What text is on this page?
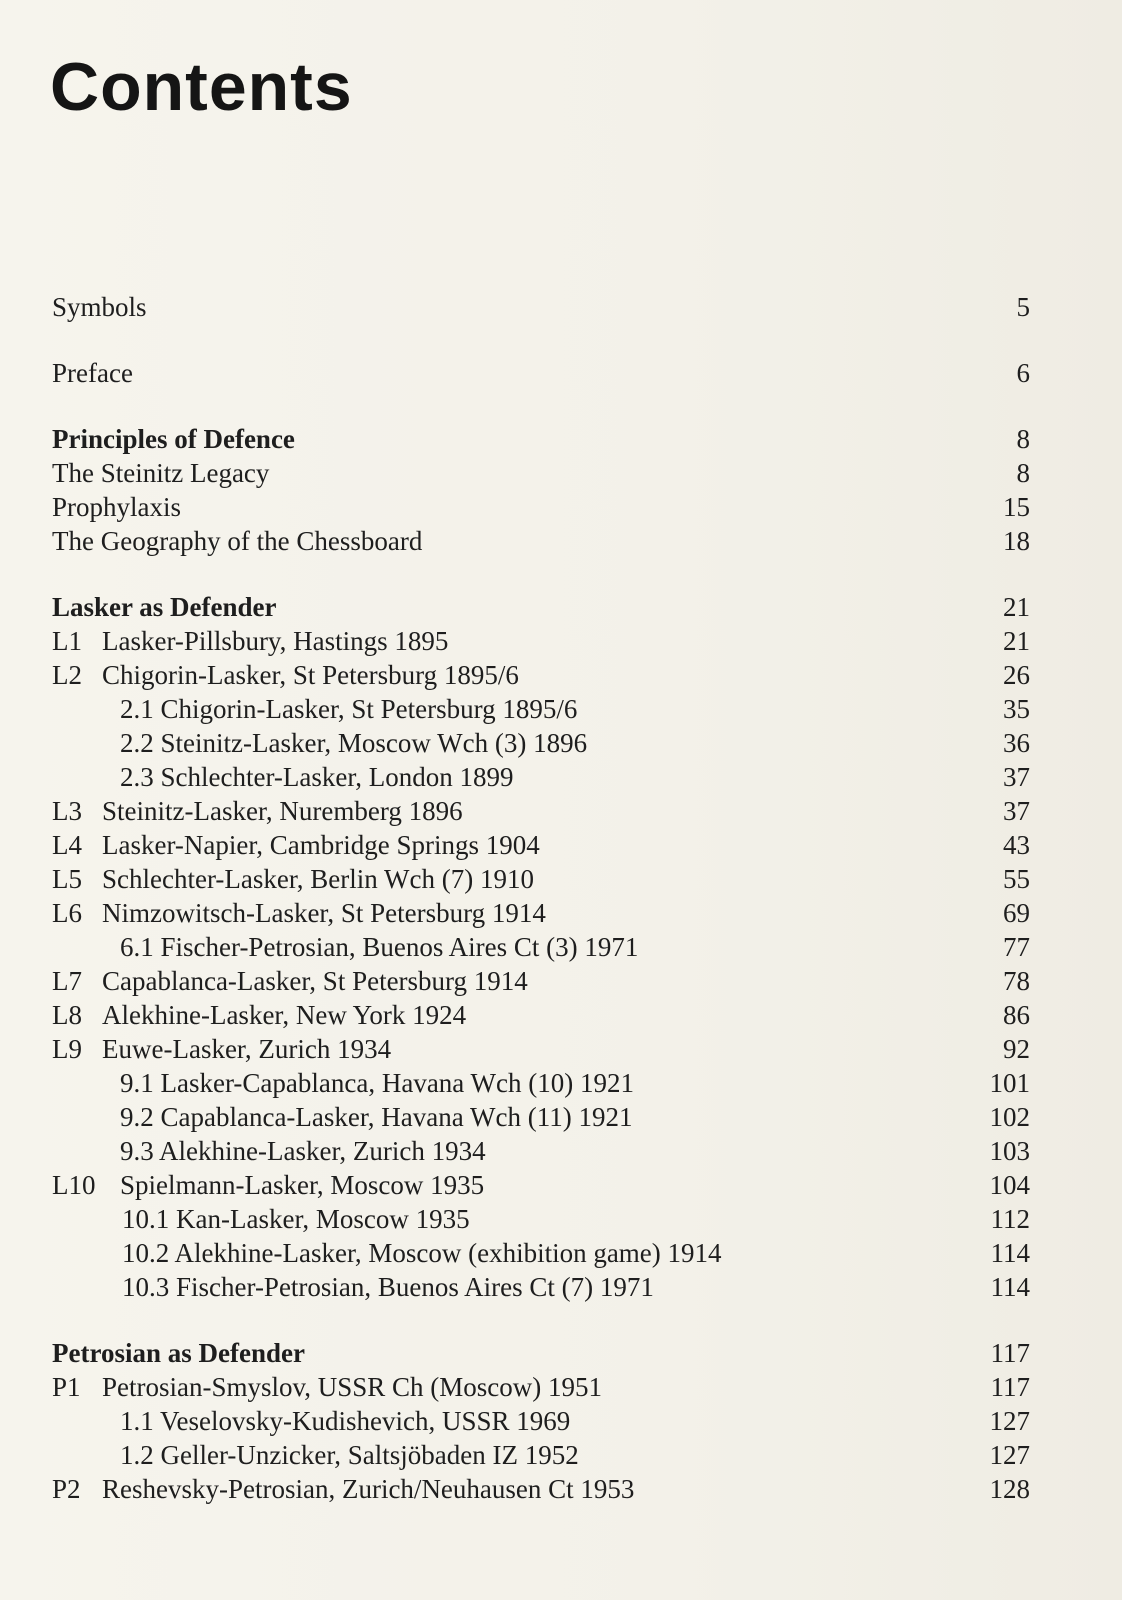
Contents
Symbols	5
Preface	6
Principles of Defence	8
The Steinitz Legacy	8
Prophylaxis	15
The Geography of the Chessboard	18
Lasker as Defender	21
L1 Lasker-Pillsbury, Hastings 1895	21
L2 Chigorin-Lasker, St Petersburg 1895/6	26
2.1 Chigorin-Lasker, St Petersburg 1895/6	35
2.2 Steinitz-Lasker, Moscow Wch (3) 1896	36
2.3 Schlechter-Lasker, London 1899	37
L3 Steinitz-Lasker, Nuremberg 1896	37
L4 Lasker-Napier, Cambridge Springs 1904	43
L5 Schlechter-Lasker, Berlin Wch (7) 1910	55
L6 Nimzowitsch-Lasker, St Petersburg 1914	69
6.1 Fischer-Petrosian, Buenos Aires Ct (3) 1971	77
L7 Capablanca-Lasker, St Petersburg 1914	78
L8 Alekhine-Lasker, New York 1924	86
L9 Euwe-Lasker, Zurich 1934	92
9.1 Lasker-Capablanca, Havana Wch (10) 1921	101
9.2 Capablanca-Lasker, Havana Wch (11) 1921	102
9.3 Alekhine-Lasker, Zurich 1934	103
L10 Spielmann-Lasker, Moscow 1935	104
10.1 Kan-Lasker, Moscow 1935	112
10.2 Alekhine-Lasker, Moscow (exhibition game) 1914	114
10.3 Fischer-Petrosian, Buenos Aires Ct (7) 1971	114
Petrosian as Defender	117
P1 Petrosian-Smyslov, USSR Ch (Moscow) 1951	117
1.1 Veselovsky-Kudishevich, USSR 1969	127
1.2 Geller-Unzicker, Saltsjöbaden IZ 1952	127
P2 Reshevsky-Petrosian, Zurich/Neuhausen Ct 1953	128
